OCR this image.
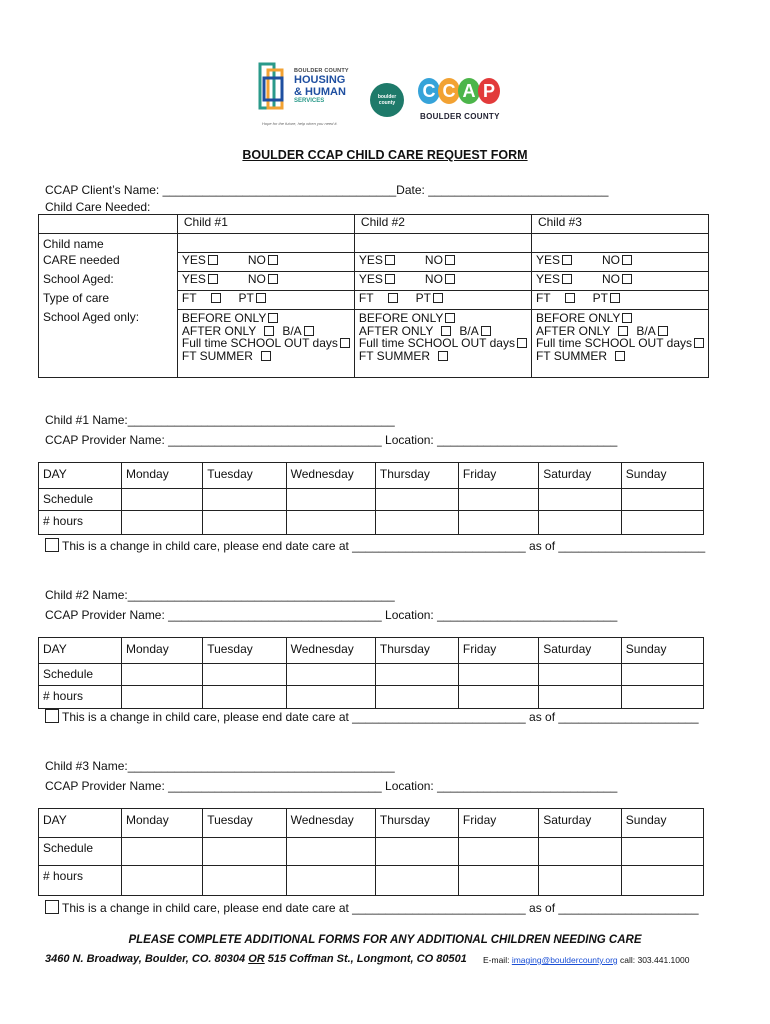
BOULDER COUNTY
HOUSING
& HUMAN
SERVICES
Hope for the future, help when you need it.
boulder
county
C C A P
BOULDER COUNTY
BOULDER CCAP CHILD CARE REQUEST FORM
CCAP Client’s Name: ___________________________________Date: ___________________________
Child Care Needed:
	Child #1	Child #2	Child #3
Child name			
CARE needed	YES NO	YES NO	YES NO
School Aged:	YES NO	YES NO	YES NO
Type of care	FT PT	FT PT	FT PT
School Aged only:	BEFORE ONLY
AFTER ONLY B/A
Full time SCHOOL OUT days
FT SUMMER	BEFORE ONLY
AFTER ONLY B/A
Full time SCHOOL OUT days
FT SUMMER	BEFORE ONLY
AFTER ONLY B/A
Full time SCHOOL OUT days
FT SUMMER
Child #1 Name:________________________________________
CCAP Provider Name: ________________________________ Location: ___________________________
DAY	Monday	Tuesday	Wednesday	Thursday	Friday	Saturday	Sunday
Schedule							
# hours							
This is a change in child care, please end date care at __________________________ as of ______________________
Child #2 Name:________________________________________
CCAP Provider Name: ________________________________ Location: ___________________________
DAY	Monday	Tuesday	Wednesday	Thursday	Friday	Saturday	Sunday
Schedule							
# hours							
This is a change in child care, please end date care at __________________________ as of _____________________
Child #3 Name:________________________________________
CCAP Provider Name: ________________________________ Location: ___________________________
DAY	Monday	Tuesday	Wednesday	Thursday	Friday	Saturday	Sunday
Schedule							
# hours							
This is a change in child care, please end date care at __________________________ as of _____________________
PLEASE COMPLETE ADDITIONAL FORMS FOR ANY ADDITIONAL CHILDREN NEEDING CARE
3460 N. Broadway, Boulder, CO. 80304 OR 515 Coffman St., Longmont, CO 80501 E-mail: imaging@bouldercounty.org call: 303.441.1000
